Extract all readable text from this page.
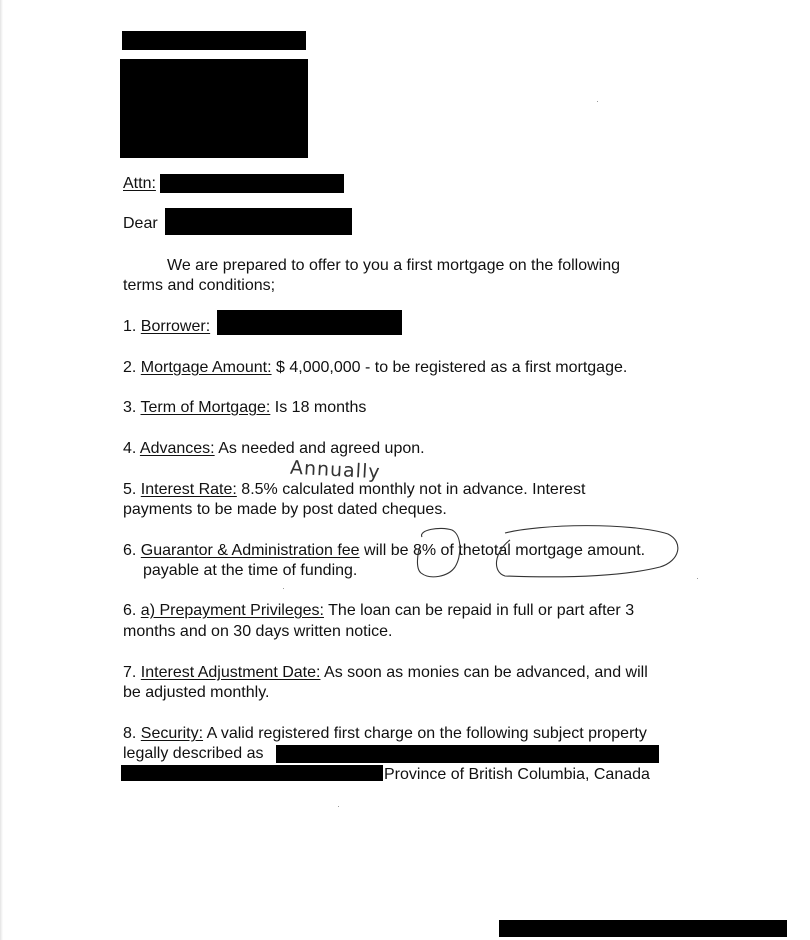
Attn:
Dear
We are prepared to offer to you a first mortgage on the following
terms and conditions;
1. Borrower:
2. Mortgage Amount: $ 4,000,000 - to be registered as a first mortgage.
3. Term of Mortgage: Is 18 months
4. Advances: As needed and agreed upon.
Annually
5. Interest Rate: 8.5% calculated monthly not in advance. Interest
payments to be made by post dated cheques.
6. Guarantor & Administration fee will be 8% of thetotal mortgage amount.
payable at the time of funding.
6. a) Prepayment Privileges: The loan can be repaid in full or part after 3
months and on 30 days written notice.
7. Interest Adjustment Date: As soon as monies can be advanced, and will
be adjusted monthly.
8. Security: A valid registered first charge on the following subject property
legally described as
Province of British Columbia, Canada
